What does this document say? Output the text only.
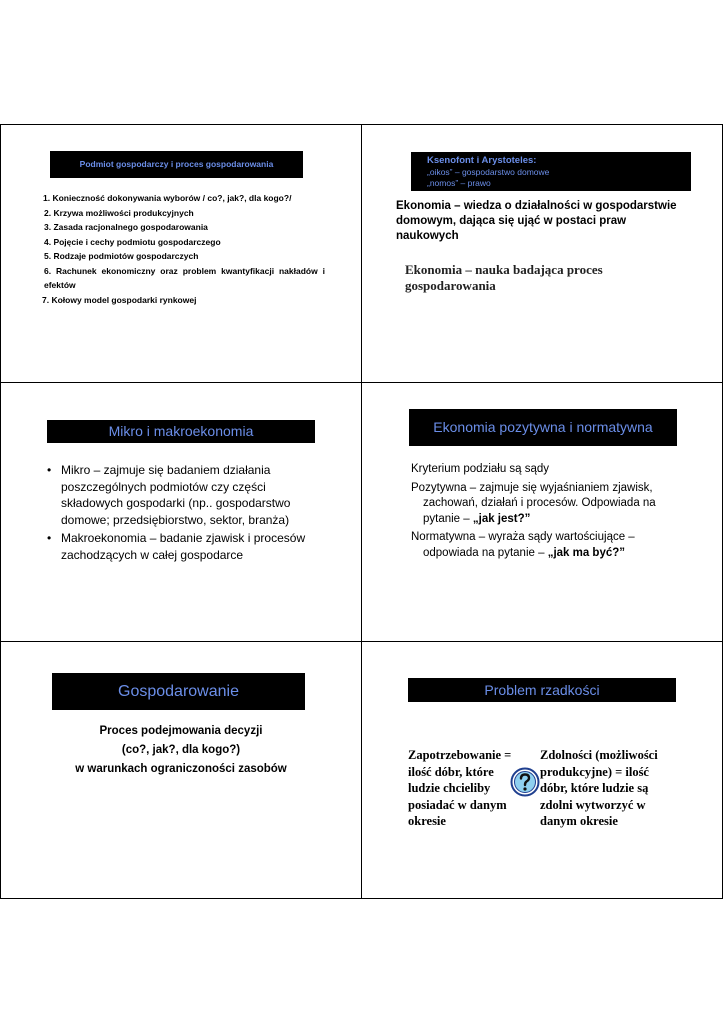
Podmiot gospodarczy i proces gospodarowania
1. Konieczność dokonywania wyborów / co?, jak?, dla kogo?/
2. Krzywa możliwości produkcyjnych
3. Zasada racjonalnego gospodarowania
4. Pojęcie i cechy podmiotu gospodarczego
5. Rodzaje podmiotów gospodarczych
6. Rachunek ekonomiczny oraz problem kwantyfikacji nakładów i efektów
7. Kołowy model gospodarki rynkowej
Ksenofont i Arystoteles:
„oikos” – gospodarstwo domowe
„nomos” – prawo
Ekonomia – wiedza o działalności w gospodarstwie domowym, dająca się ująć w postaci praw naukowych
Ekonomia – nauka badająca proces gospodarowania
Mikro i makroekonomia
• Mikro – zajmuje się badaniem działania poszczególnych podmiotów czy części składowych gospodarki (np.. gospodarstwo domowe; przedsiębiorstwo, sektor, branża)
• Makroekonomia – badanie zjawisk i procesów zachodzących w całej gospodarce
Ekonomia pozytywna i normatywna
Kryterium podziału są sądy
Pozytywna – zajmuje się wyjaśnianiem zjawisk, zachowań, działań i procesów. Odpowiada na pytanie – „jak jest?”
Normatywna – wyraża sądy wartościujące – odpowiada na pytanie – „jak ma być?”
Gospodarowanie
Proces podejmowania decyzji
(co?, jak?, dla kogo?)
w warunkach ograniczoności zasobów
Problem rzadkości
Zapotrzebowanie = ilość dóbr, które ludzie chcieliby posiadać w danym okresie
Zdolności (możliwości produkcyjne) = ilość dóbr, które ludzie są zdolni wytworzyć w danym okresie
